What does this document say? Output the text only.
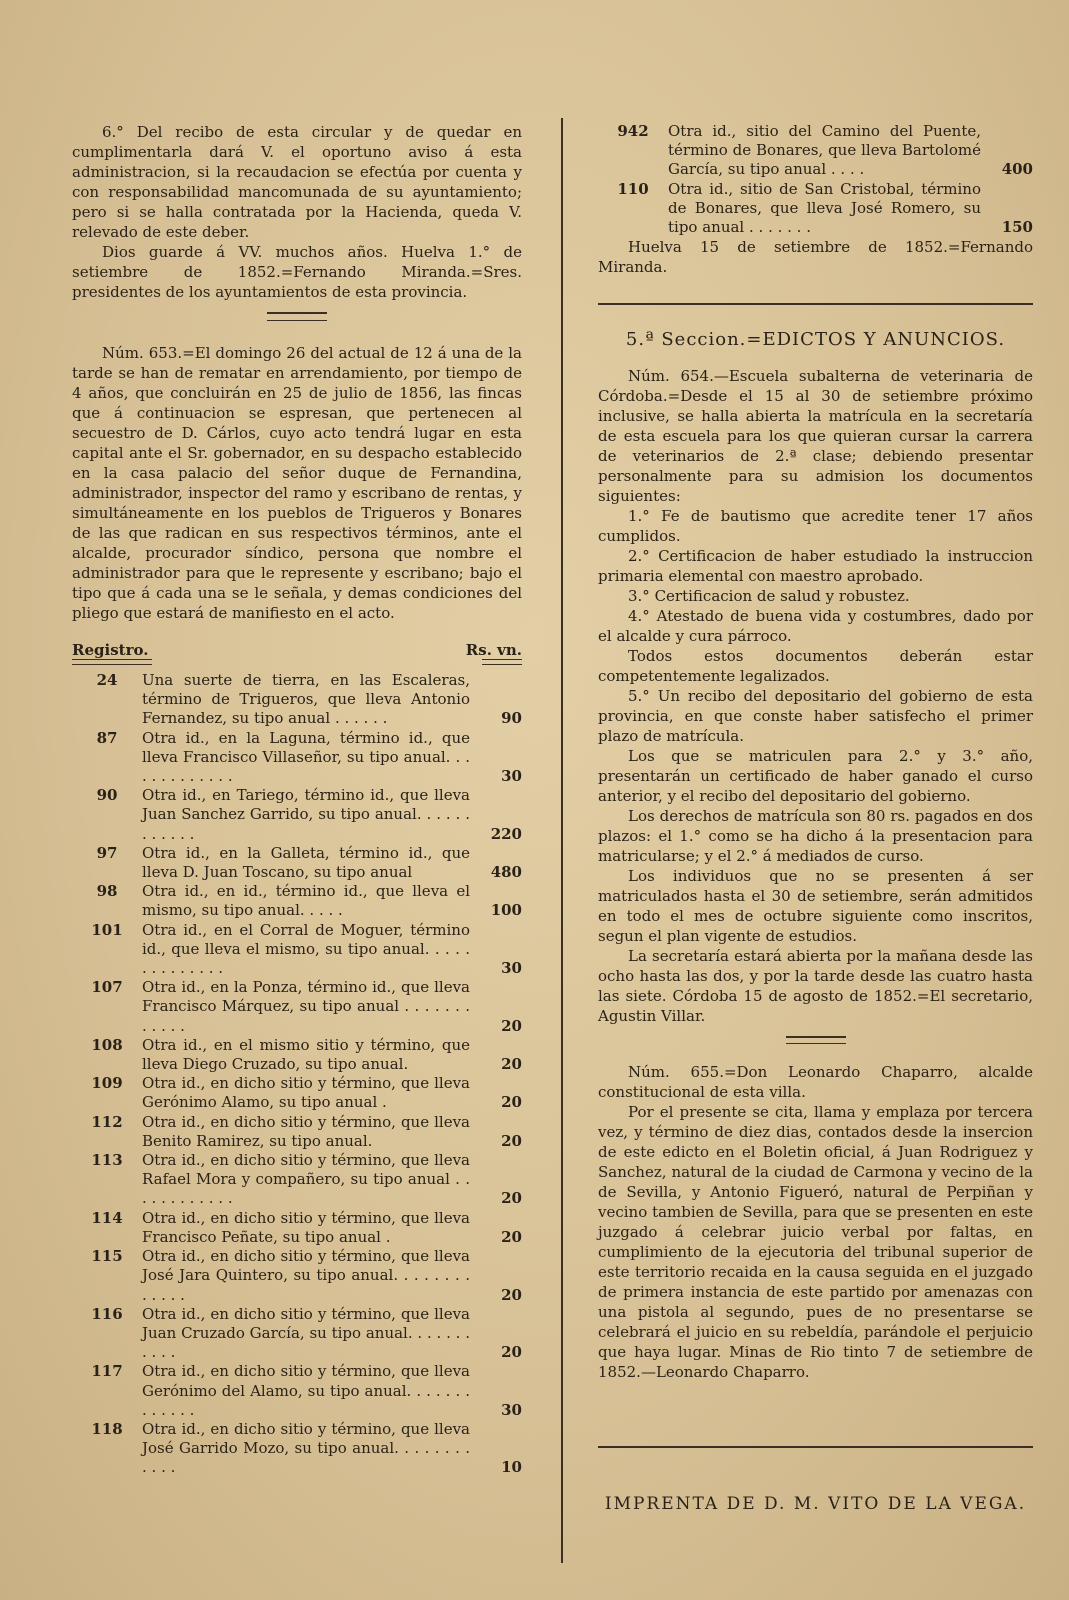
6.° Del recibo de esta circular y de quedar en cumplimentarla dará V. el oportuno aviso á esta administracion, si la recaudacion se efectúa por cuenta y con responsabilidad mancomunada de su ayuntamiento; pero si se halla contratada por la Hacienda, queda V. relevado de este deber.

Dios guarde á VV. muchos años. Huelva 1.° de setiembre de 1852.=Fernando Miranda.=Sres. presidentes de los ayuntamientos de esta provincia.

Núm. 653.=El domingo 26 del actual de 12 á una de la tarde se han de rematar en arrendamiento, por tiempo de 4 años, que concluirán en 25 de julio de 1856, las fincas que á continuacion se espresan, que pertenecen al secuestro de D. Cárlos, cuyo acto tendrá lugar en esta capital ante el Sr. gobernador, en su despacho establecido en la casa palacio del señor duque de Fernandina, administrador, inspector del ramo y escribano de rentas, y simultáneamente en los pueblos de Trigueros y Bonares de las que radican en sus respectivos términos, ante el alcalde, procurador síndico, persona que nombre el administrador para que le represente y escribano; bajo el tipo que á cada una se le señala, y demas condiciones del pliego que estará de manifiesto en el acto.

Registro.	Rs. vn.
24	Una suerte de tierra, en las Escaleras, término de Trigueros, que lleva Antonio Fernandez, su tipo anual . . . . . .	90
87	Otra id., en la Laguna, término id., que lleva Francisco Villaseñor, su tipo anual. . . . . . . . . . . . .	30
90	Otra id., en Tariego, término id., que lleva Juan Sanchez Garrido, su tipo anual. . . . . . . . . . . .	220
97	Otra id., en la Galleta, término id., que lleva D. Juan Toscano, su tipo anual	480
98	Otra id., en id., término id., que lleva el mismo, su tipo anual. . . . .	100
101	Otra id., en el Corral de Moguer, término id., que lleva el mismo, su tipo anual. . . . . . . . . . . . . .	30
107	Otra id., en la Ponza, término id., que lleva Francisco Márquez, su tipo anual . . . . . . . . . . . .	20
108	Otra id., en el mismo sitio y término, que lleva Diego Cruzado, su tipo anual.	20
109	Otra id., en dicho sitio y término, que lleva Gerónimo Alamo, su tipo anual .	20
112	Otra id., en dicho sitio y término, que lleva Benito Ramirez, su tipo anual.	20
113	Otra id., en dicho sitio y término, que lleva Rafael Mora y compañero, su tipo anual . . . . . . . . . . . .	20
114	Otra id., en dicho sitio y término, que lleva Francisco Peñate, su tipo anual .	20
115	Otra id., en dicho sitio y término, que lleva José Jara Quintero, su tipo anual. . . . . . . . . . . . .	20
116	Otra id., en dicho sitio y término, que lleva Juan Cruzado García, su tipo anual. . . . . . . . . . .	20
117	Otra id., en dicho sitio y término, que lleva Gerónimo del Alamo, su tipo anual. . . . . . . . . . . . .	30
118	Otra id., en dicho sitio y término, que lleva José Garrido Mozo, su tipo anual. . . . . . . . . . . .	10
942	Otra id., sitio del Camino del Puente, término de Bonares, que lleva Bartolomé García, su tipo anual . . . .	400
110	Otra id., sitio de San Cristobal, término de Bonares, que lleva José Romero, su tipo anual . . . . . . .	150

Huelva 15 de setiembre de 1852.=Fernando Miranda.

5.ª Seccion.=EDICTOS Y ANUNCIOS.

Núm. 654.—Escuela subalterna de veterinaria de Córdoba.=Desde el 15 al 30 de setiembre próximo inclusive, se halla abierta la matrícula en la secretaría de esta escuela para los que quieran cursar la carrera de veterinarios de 2.ª clase; debiendo presentar personalmente para su admision los documentos siguientes:

1.° Fe de bautismo que acredite tener 17 años cumplidos.

2.° Certificacion de haber estudiado la instruccion primaria elemental con maestro aprobado.

3.° Certificacion de salud y robustez.

4.° Atestado de buena vida y costumbres, dado por el alcalde y cura párroco.

Todos estos documentos deberán estar competentemente legalizados.

5.° Un recibo del depositario del gobierno de esta provincia, en que conste haber satisfecho el primer plazo de matrícula.

Los que se matriculen para 2.° y 3.° año, presentarán un certificado de haber ganado el curso anterior, y el recibo del depositario del gobierno.

Los derechos de matrícula son 80 rs. pagados en dos plazos: el 1.° como se ha dicho á la presentacion para matricularse; y el 2.° á mediados de curso.

Los individuos que no se presenten á ser matriculados hasta el 30 de setiembre, serán admitidos en todo el mes de octubre siguiente como inscritos, segun el plan vigente de estudios.

La secretaría estará abierta por la mañana desde las ocho hasta las dos, y por la tarde desde las cuatro hasta las siete. Córdoba 15 de agosto de 1852.=El secretario, Agustin Villar.

Núm. 655.=Don Leonardo Chaparro, alcalde constitucional de esta villa.

Por el presente se cita, llama y emplaza por tercera vez, y término de diez dias, contados desde la insercion de este edicto en el Boletin oficial, á Juan Rodriguez y Sanchez, natural de la ciudad de Carmona y vecino de la de Sevilla, y Antonio Figueró, natural de Perpiñan y vecino tambien de Sevilla, para que se presenten en este juzgado á celebrar juicio verbal por faltas, en cumplimiento de la ejecutoria del tribunal superior de este territorio recaida en la causa seguida en el juzgado de primera instancia de este partido por amenazas con una pistola al segundo, pues de no presentarse se celebrará el juicio en su rebeldía, parándole el perjuicio que haya lugar. Minas de Rio tinto 7 de setiembre de 1852.—Leonardo Chaparro.

IMPRENTA DE D. M. VITO DE LA VEGA.
